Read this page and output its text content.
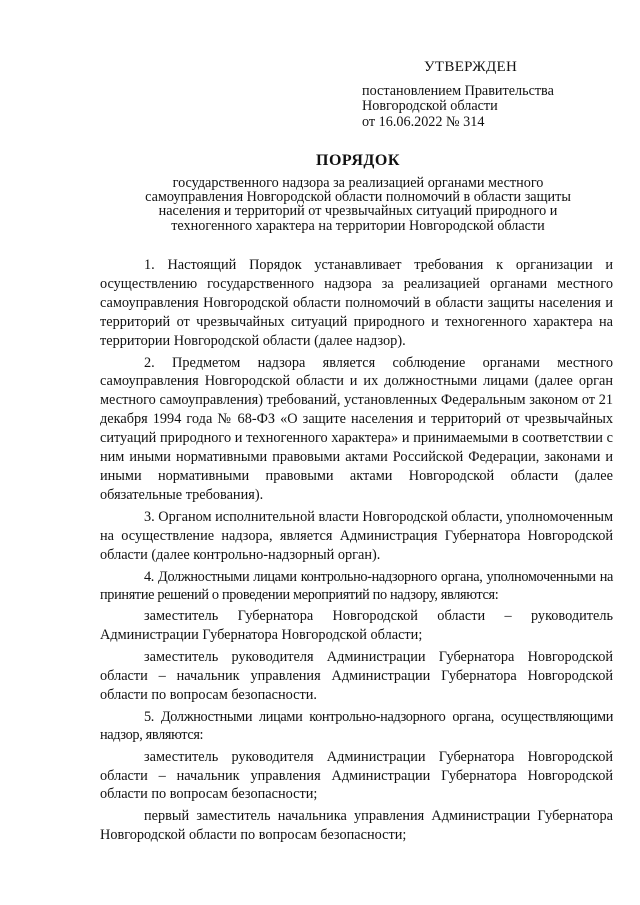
УТВЕРЖДЕН
постановлением Правительства
Новгородской области
от 16.06.2022 № 314
ПОРЯДОК
государственного надзора за реализацией органами местного
самоуправления Новгородской области полномочий в области защиты
населения и территорий от чрезвычайных ситуаций природного и
техногенного характера на территории Новгородской области

1. Настоящий Порядок устанавливает требования к организации и осуществлению государственного надзора за реализацией органами местного самоуправления Новгородской области полномочий в области защиты населения и территорий от чрезвычайных ситуаций природного и техногенного характера на территории Новгородской области (далее надзор).

2. Предметом надзора является соблюдение органами местного самоуправления Новгородской области и их должностными лицами (далее орган местного самоуправления) требований, установленных Федеральным законом от 21 декабря 1994 года № 68-ФЗ «О защите населения и территорий от чрезвычайных ситуаций природного и техногенного характера» и принимаемыми в соответствии с ним иными нормативными правовыми актами Российской Федерации, законами и иными нормативными правовыми актами Новгородской области (далее обязательные требования).

3. Органом исполнительной власти Новгородской области, уполномоченным на осуществление надзора, является Администрация Губернатора Новгородской области (далее контрольно-надзорный орган).

4. Должностными лицами контрольно-надзорного органа, уполномоченными на принятие решений о проведении мероприятий по надзору, являются:

заместитель Губернатора Новгородской области – руководитель Администрации Губернатора Новгородской области;

заместитель руководителя Администрации Губернатора Новгородской области – начальник управления Администрации Губернатора Новгородской области по вопросам безопасности.

5. Должностными лицами контрольно-надзорного органа, осуществляющими надзор, являются:

заместитель руководителя Администрации Губернатора Новгородской области – начальник управления Администрации Губернатора Новгородской области по вопросам безопасности;

первый заместитель начальника управления Администрации Губернатора Новгородской области по вопросам безопасности;
